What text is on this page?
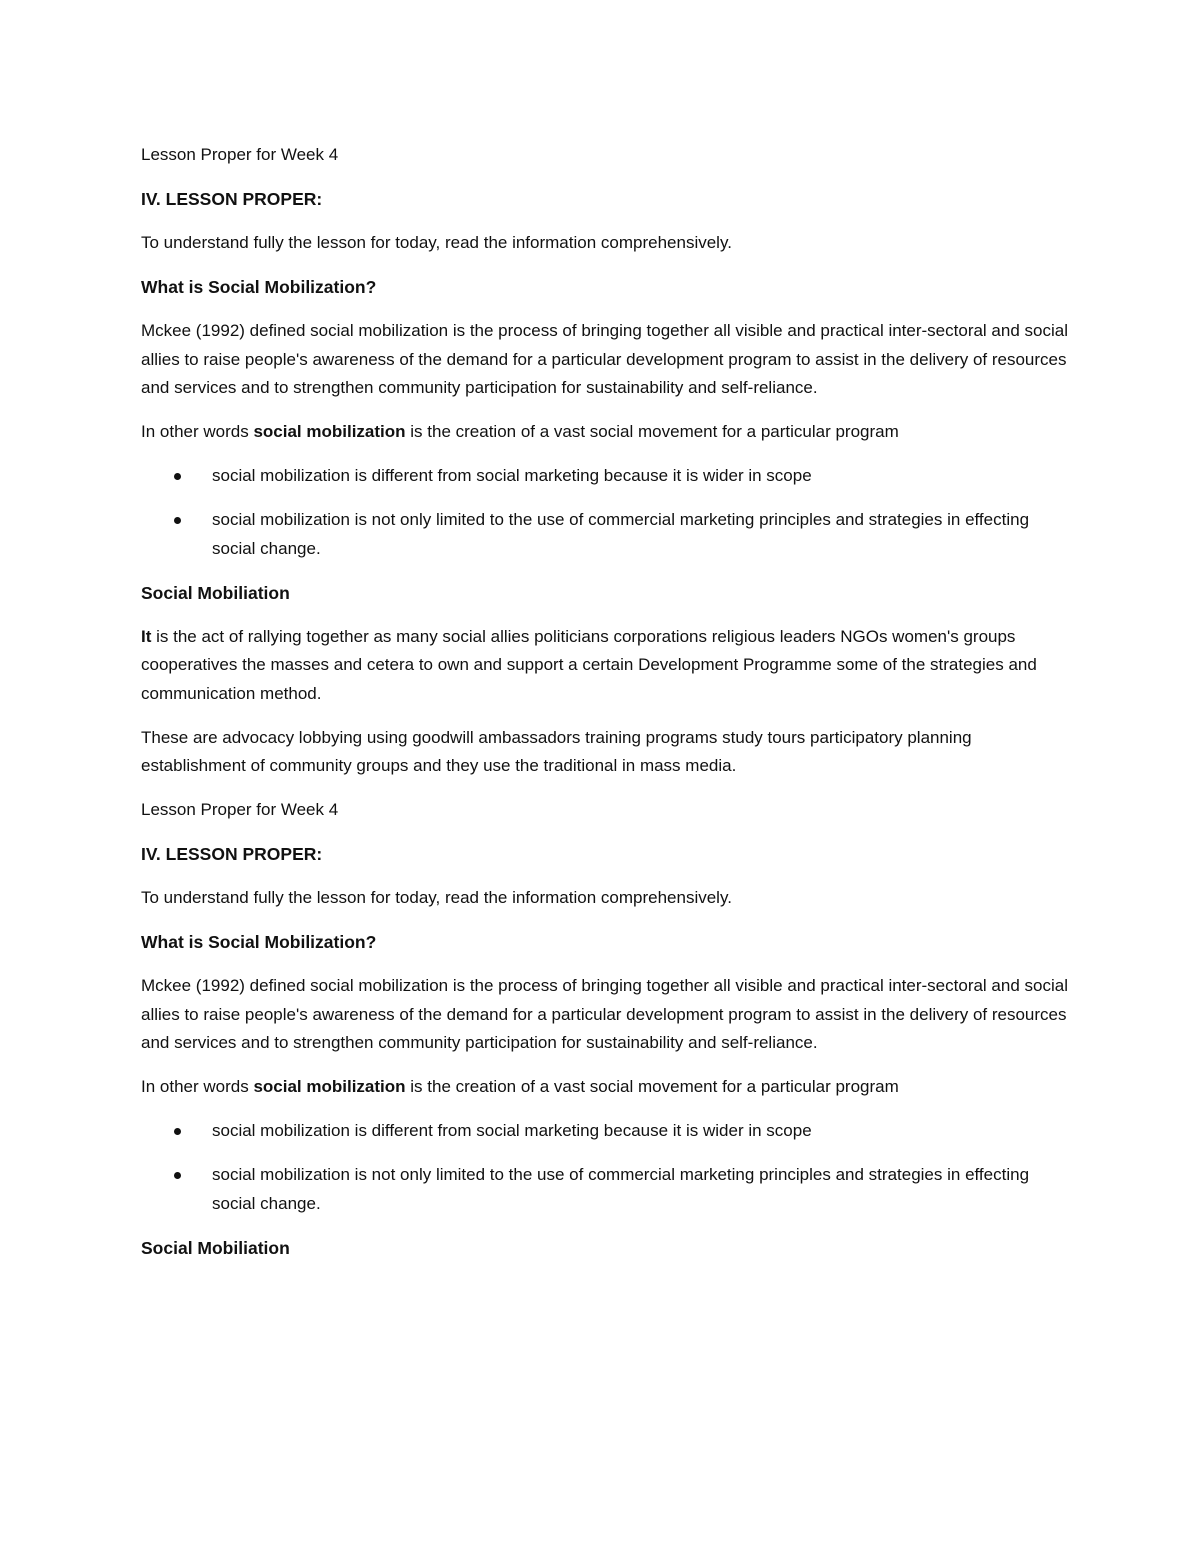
Lesson Proper for Week 4

IV. LESSON PROPER:

To understand fully the lesson for today, read the information comprehensively.

What is Social Mobilization?

Mckee (1992) defined social mobilization is the process of bringing together all visible and practical inter-sectoral and social allies to raise people's awareness of the demand for a particular development program to assist in the delivery of resources and services and to strengthen community participation for sustainability and self-reliance.

In other words social mobilization is the creation of a vast social movement for a particular program

social mobilization is different from social marketing because it is wider in scope
social mobilization is not only limited to the use of commercial marketing principles and strategies in effecting social change.

Social Mobiliation

It is the act of rallying together as many social allies politicians corporations religious leaders NGOs women's groups cooperatives the masses and cetera to own and support a certain Development Programme some of the strategies and communication method.

These are advocacy lobbying using goodwill ambassadors training programs study tours participatory planning establishment of community groups and they use the traditional in mass media.

Lesson Proper for Week 4

IV. LESSON PROPER:

To understand fully the lesson for today, read the information comprehensively.

What is Social Mobilization?

Mckee (1992) defined social mobilization is the process of bringing together all visible and practical inter-sectoral and social allies to raise people's awareness of the demand for a particular development program to assist in the delivery of resources and services and to strengthen community participation for sustainability and self-reliance.

In other words social mobilization is the creation of a vast social movement for a particular program

social mobilization is different from social marketing because it is wider in scope
social mobilization is not only limited to the use of commercial marketing principles and strategies in effecting social change.

Social Mobiliation
